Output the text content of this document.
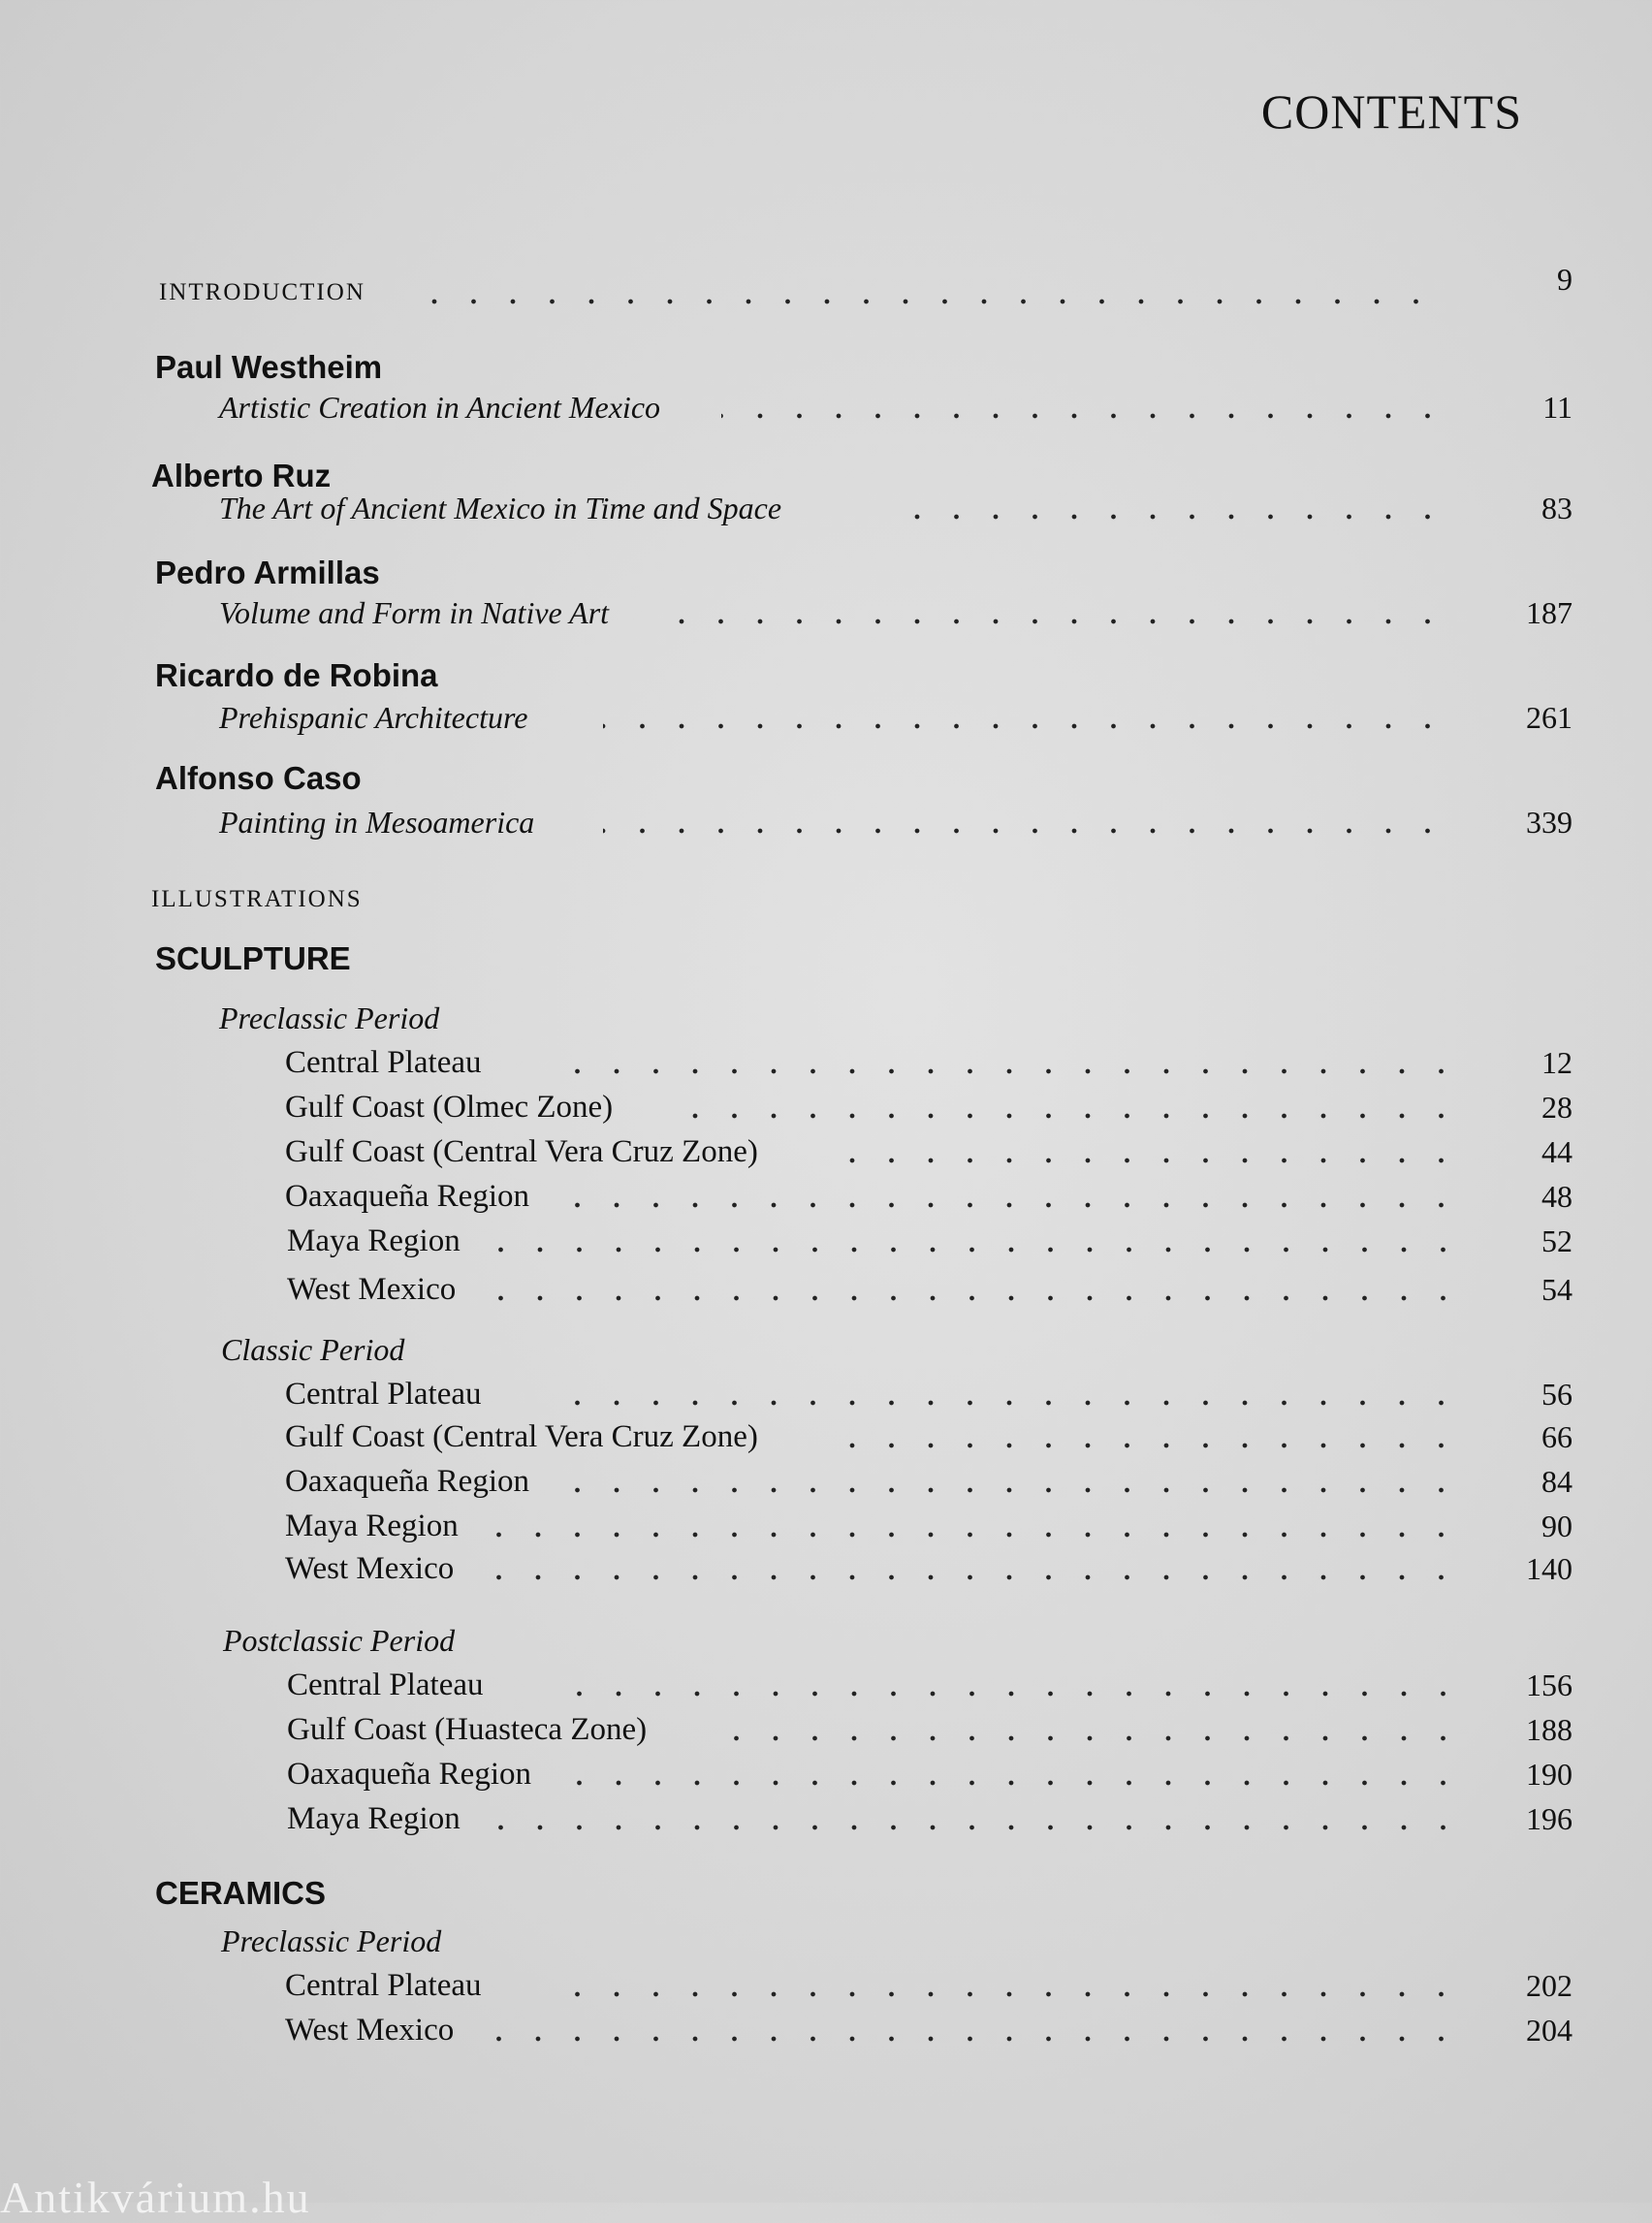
CONTENTS
INTRODUCTION	9
Paul Westheim
Artistic Creation in Ancient Mexico	11
Alberto Ruz
The Art of Ancient Mexico in Time and Space	83
Pedro Armillas
Volume and Form in Native Art	187
Ricardo de Robina
Prehispanic Architecture	261
Alfonso Caso
Painting in Mesoamerica	339
ILLUSTRATIONS
SCULPTURE
Preclassic Period
Central Plateau	12
Gulf Coast (Olmec Zone)	28
Gulf Coast (Central Vera Cruz Zone)	44
Oaxaqueña Region	48
Maya Region	52
West Mexico	54
Classic Period
Central Plateau	56
Gulf Coast (Central Vera Cruz Zone)	66
Oaxaqueña Region	84
Maya Region	90
West Mexico	140
Postclassic Period
Central Plateau	156
Gulf Coast (Huasteca Zone)	188
Oaxaqueña Region	190
Maya Region	196
CERAMICS
Preclassic Period
Central Plateau	202
West Mexico	204
Antikvárium.hu
